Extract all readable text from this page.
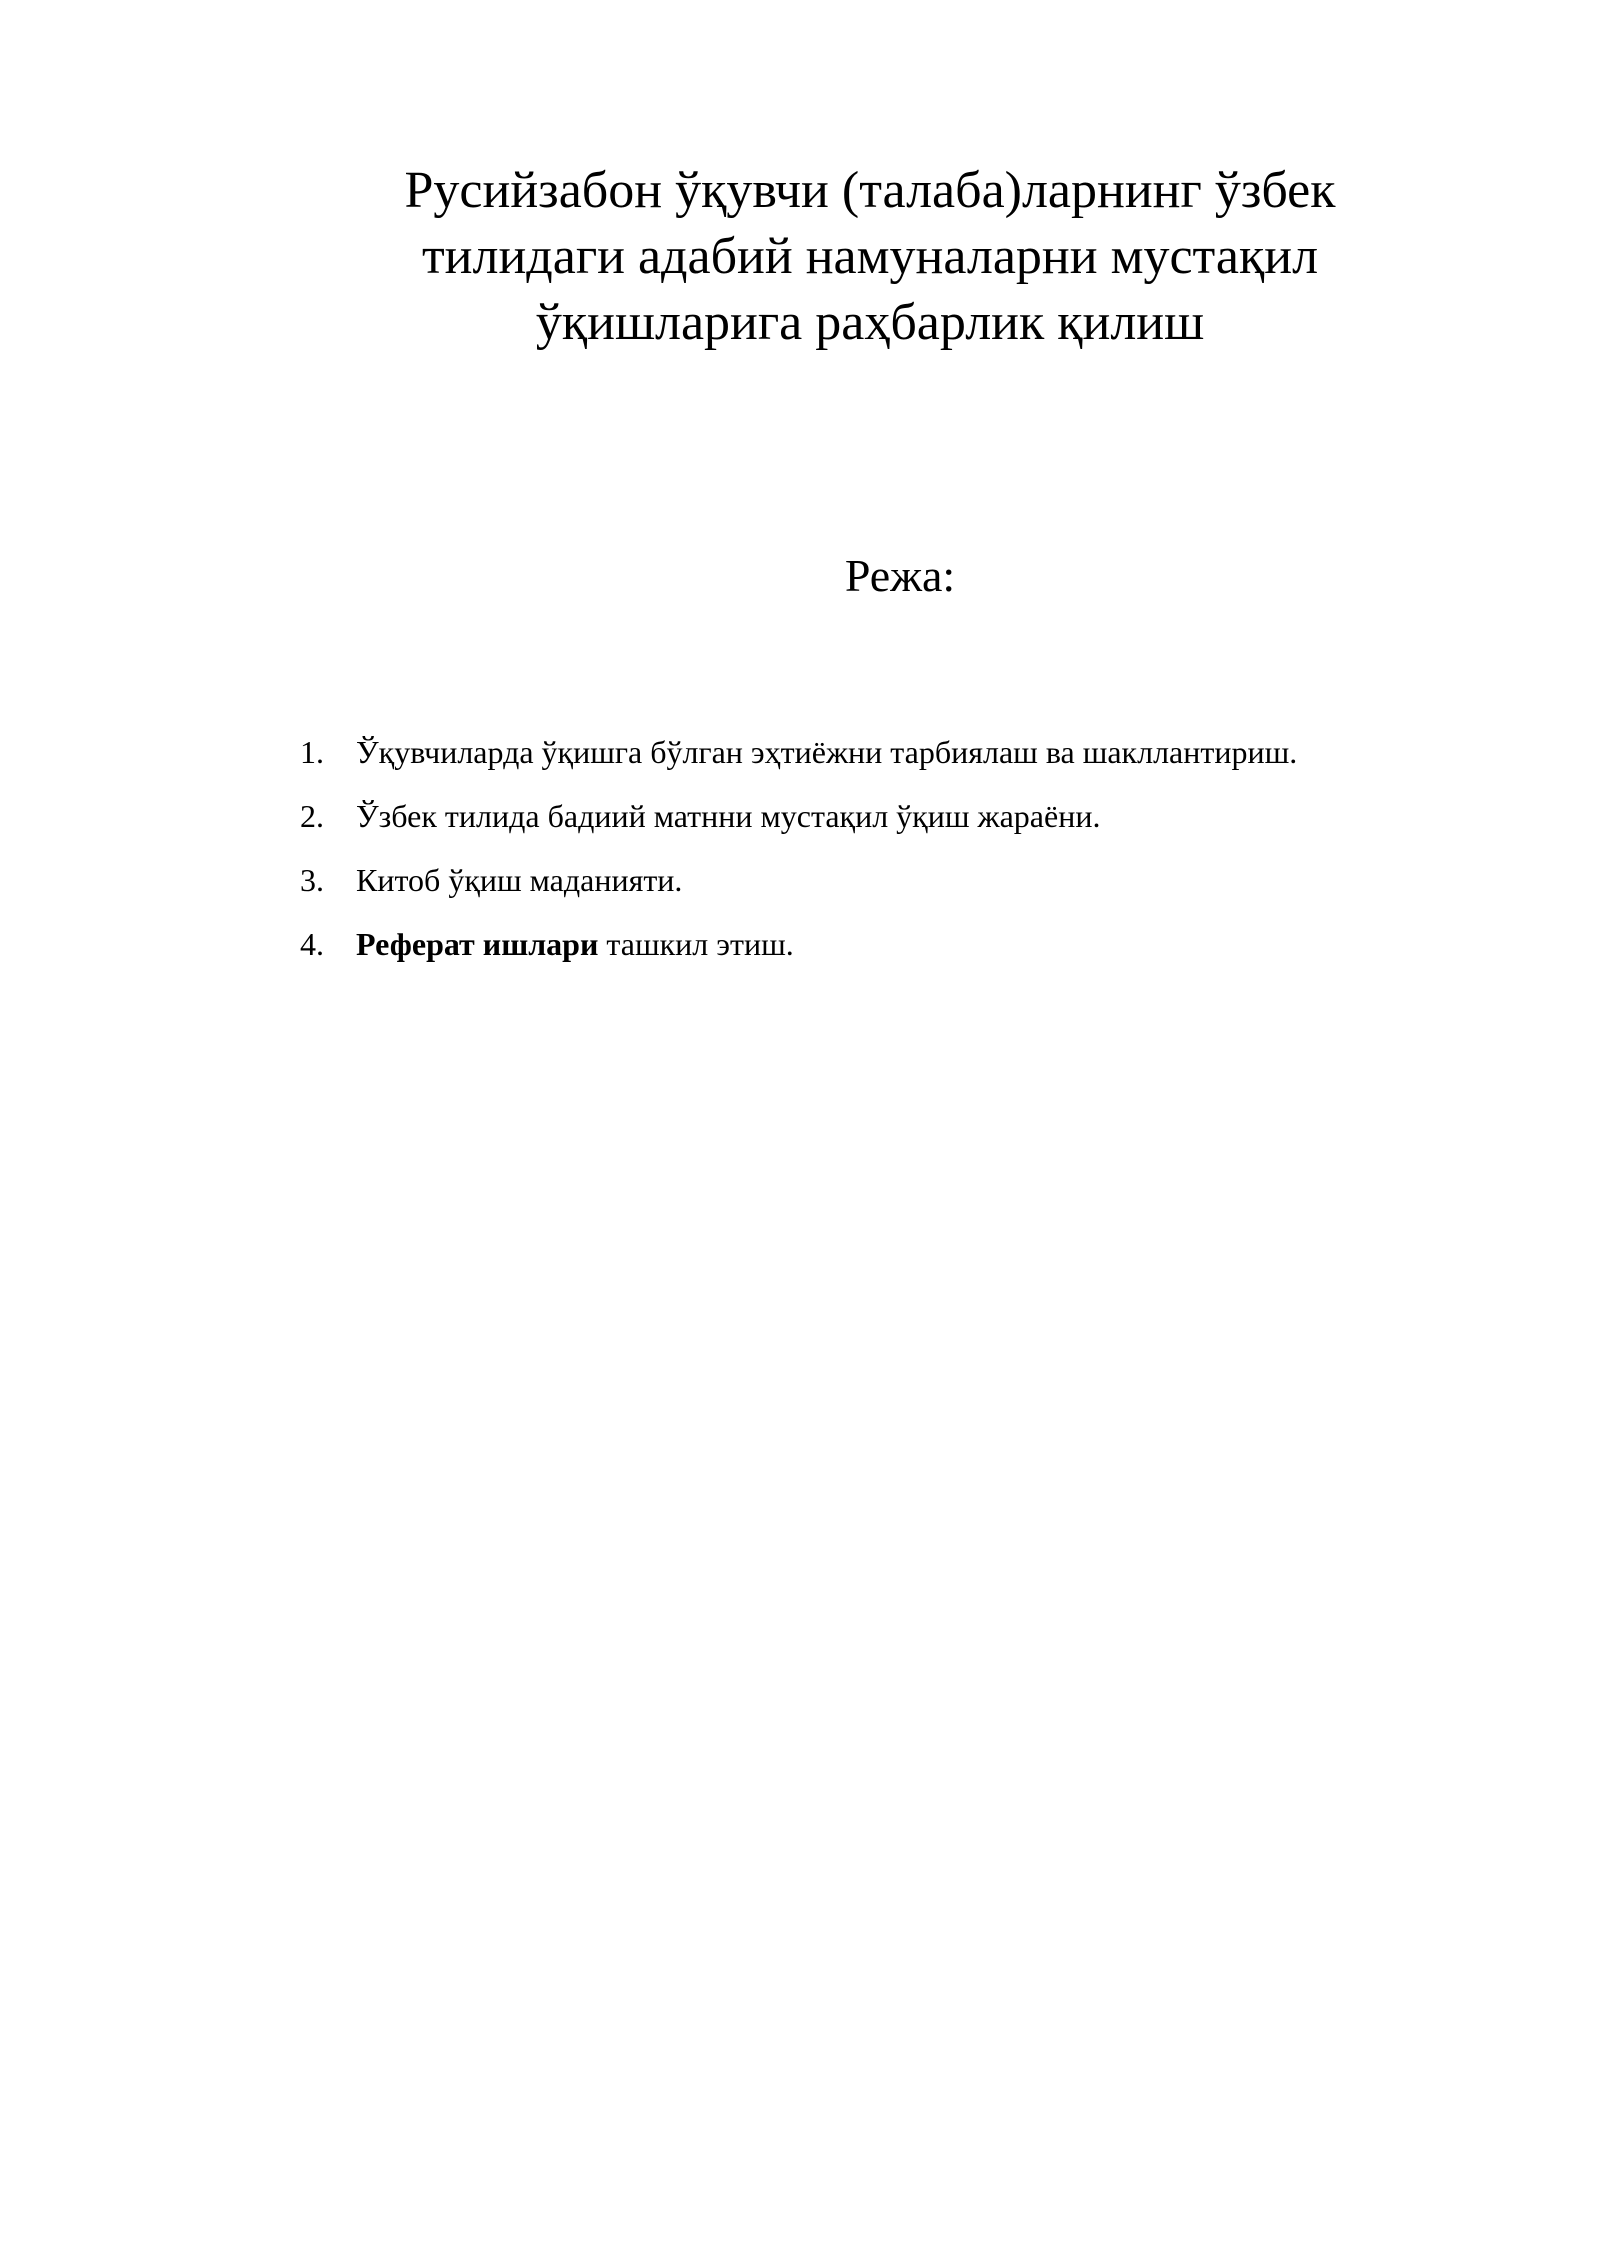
Русийзабон ўқувчи (талаба)ларнинг ўзбек
тилидаги адабий намуналарни мустақил
ўқишларига раҳбарлик қилиш
Режа:
1.	Ўқувчиларда ўқишга бўлган эҳтиёжни тарбиялаш ва шакллантириш.
2.	Ўзбек тилида бадиий матнни мустақил ўқиш жараёни.
3.	Китоб ўқиш маданияти.
4.	Реферат ишлари ташкил этиш.
